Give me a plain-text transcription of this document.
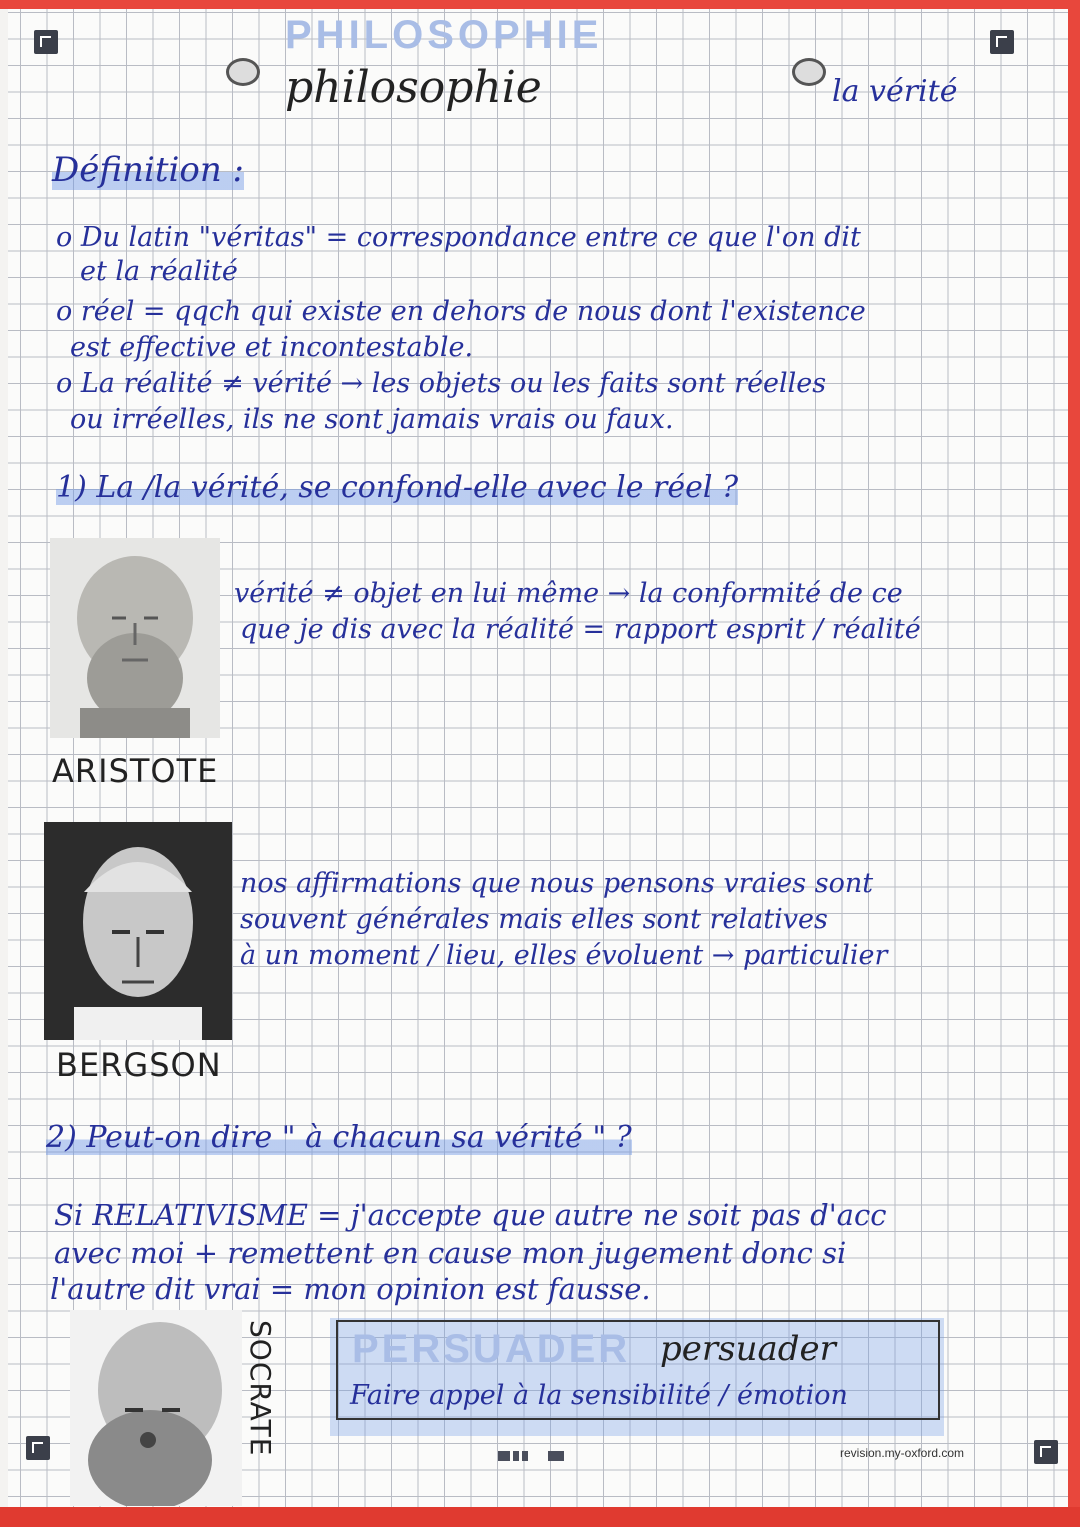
PHILOSOPHIE
philosophie	la vérité
Définition :
o Du latin "véritas" = correspondance entre ce que l'on dit
et la réalité
o réel = qqch qui existe en dehors de nous dont l'existence
est effective et incontestable.
o La réalité ≠ vérité → les objets ou les faits sont réelles
ou irréelles, ils ne sont jamais vrais ou faux.
1) La /la vérité, se confond-elle avec le réel ?
ARISTOTE
vérité ≠ objet en lui même → la conformité de ce
que je dis avec la réalité = rapport esprit / réalité
BERGSON
nos affirmations que nous pensons vraies sont
souvent générales mais elles sont relatives
à un moment / lieu, elles évoluent → particulier
2) Peut-on dire " à chacun sa vérité " ?
Si RELATIVISME = j'accepte que autre ne soit pas d'acc
avec moi + remettent en cause mon jugement donc si
l'autre dit vrai = mon opinion est fausse.
SOCRATE PERSUADER persuader
Faire appel à la sensibilité / émotion
revision.my-oxford.com
